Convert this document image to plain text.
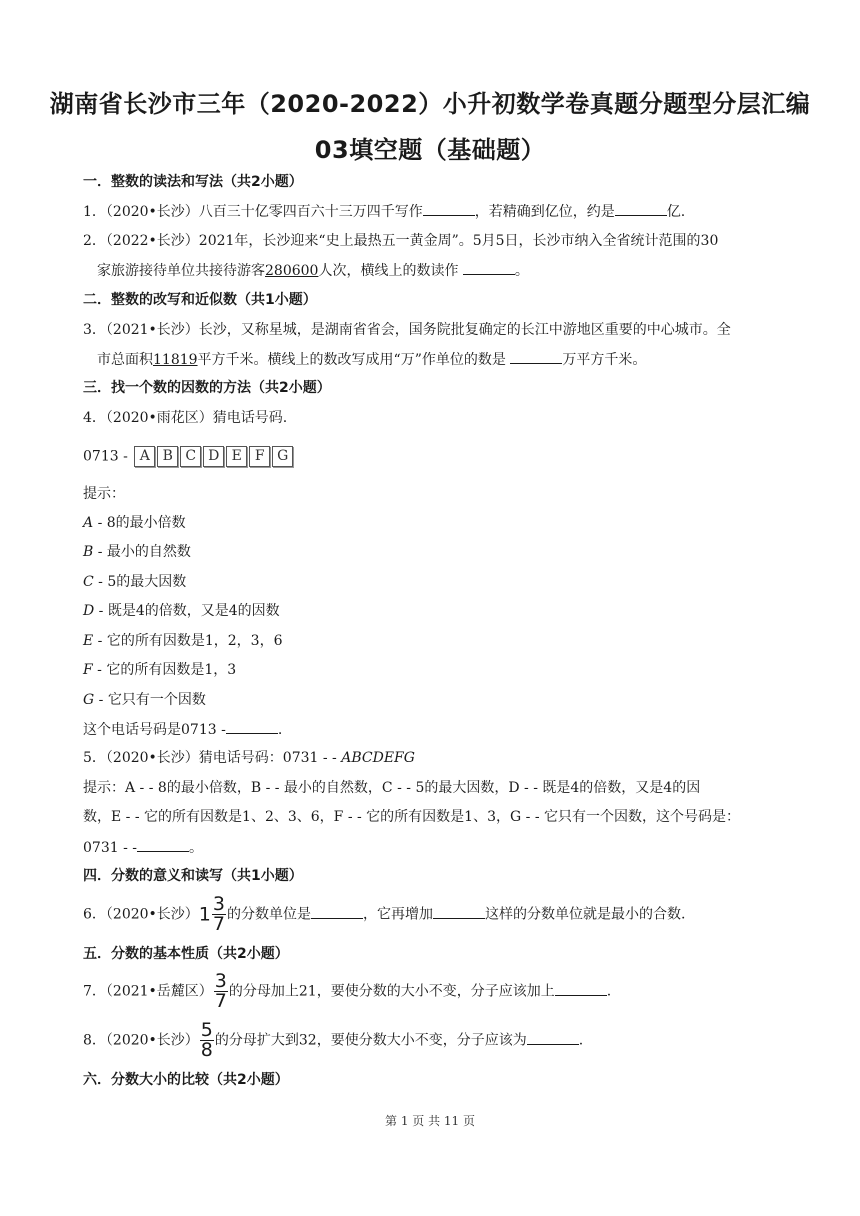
湖南省长沙市三年（2020-2022）小升初数学卷真题分题型分层汇编
03填空题（基础题）
一．整数的读法和写法（共2小题）
1．（2020•长沙）八百三十亿零四百六十三万四千写作	，若精确到亿位，约是	亿.
2．（2022•长沙）2021年，长沙迎来“史上最热五一黄金周”。5月5日，长沙市纳入全省统计范围的30
家旅游接待单位共接待游客280600人次，横线上的数读作	。
二．整数的改写和近似数（共1小题）
3．（2021•长沙）长沙，又称星城，是湖南省省会，国务院批复确定的长江中游地区重要的中心城市。全
市总面积11819平方千米。横线上的数改写成用“万”作单位的数是	万平方千米。
三．找一个数的因数的方法（共2小题）
4．（2020•雨花区）猜电话号码.
0713 - A B C D E F G
提示：
A - 8的最小倍数
B - 最小的自然数
C - 5的最大因数
D - 既是4的倍数，又是4的因数
E - 它的所有因数是1，2，3，6
F - 它的所有因数是1，3
G - 它只有一个因数
这个电话号码是0713 -	.
5．（2020•长沙）猜电话号码：0731 - - ABCDEFG
提示：A - - 8的最小倍数，B - - 最小的自然数，C - - 5的最大因数，D - - 既是4的倍数，又是4的因
数，E - - 它的所有因数是1、2、3、6，F - - 它的所有因数是1、3，G - - 它只有一个因数，这个号码是：
0731 - -	。
四．分数的意义和读写（共1小题）
6．（2020•长沙）$1 \frac{3}{7}$ 的分数单位是	，它再增加	这样的分数单位就是最小的合数.
五．分数的基本性质（共2小题）
7．（2021•岳麓区） $\frac{3}{7}$ 的分母加上21，要使分数的大小不变，分子应该加上	.
8．（2020•长沙） $\frac{5}{8}$ 的分母扩大到32，要使分数大小不变，分子应该为	.
六．分数大小的比较（共2小题）
第 1 页 共 11 页
